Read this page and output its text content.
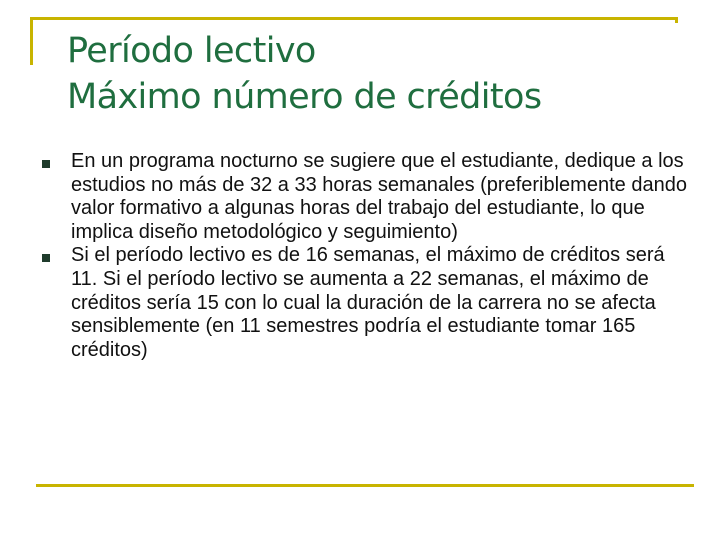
Período lectivo
Máximo número de créditos
En un programa nocturno se sugiere que el estudiante, dedique a los estudios no más de 32 a 33 horas semanales (preferiblemente dando valor formativo a algunas horas del trabajo del estudiante, lo que implica diseño metodológico y seguimiento)
Si el período lectivo es de 16 semanas, el máximo de créditos será 11. Si el período lectivo se aumenta a 22 semanas, el máximo de créditos sería 15 con lo cual la duración de la carrera no se afecta sensiblemente (en 11 semestres podría el estudiante tomar 165 créditos)
